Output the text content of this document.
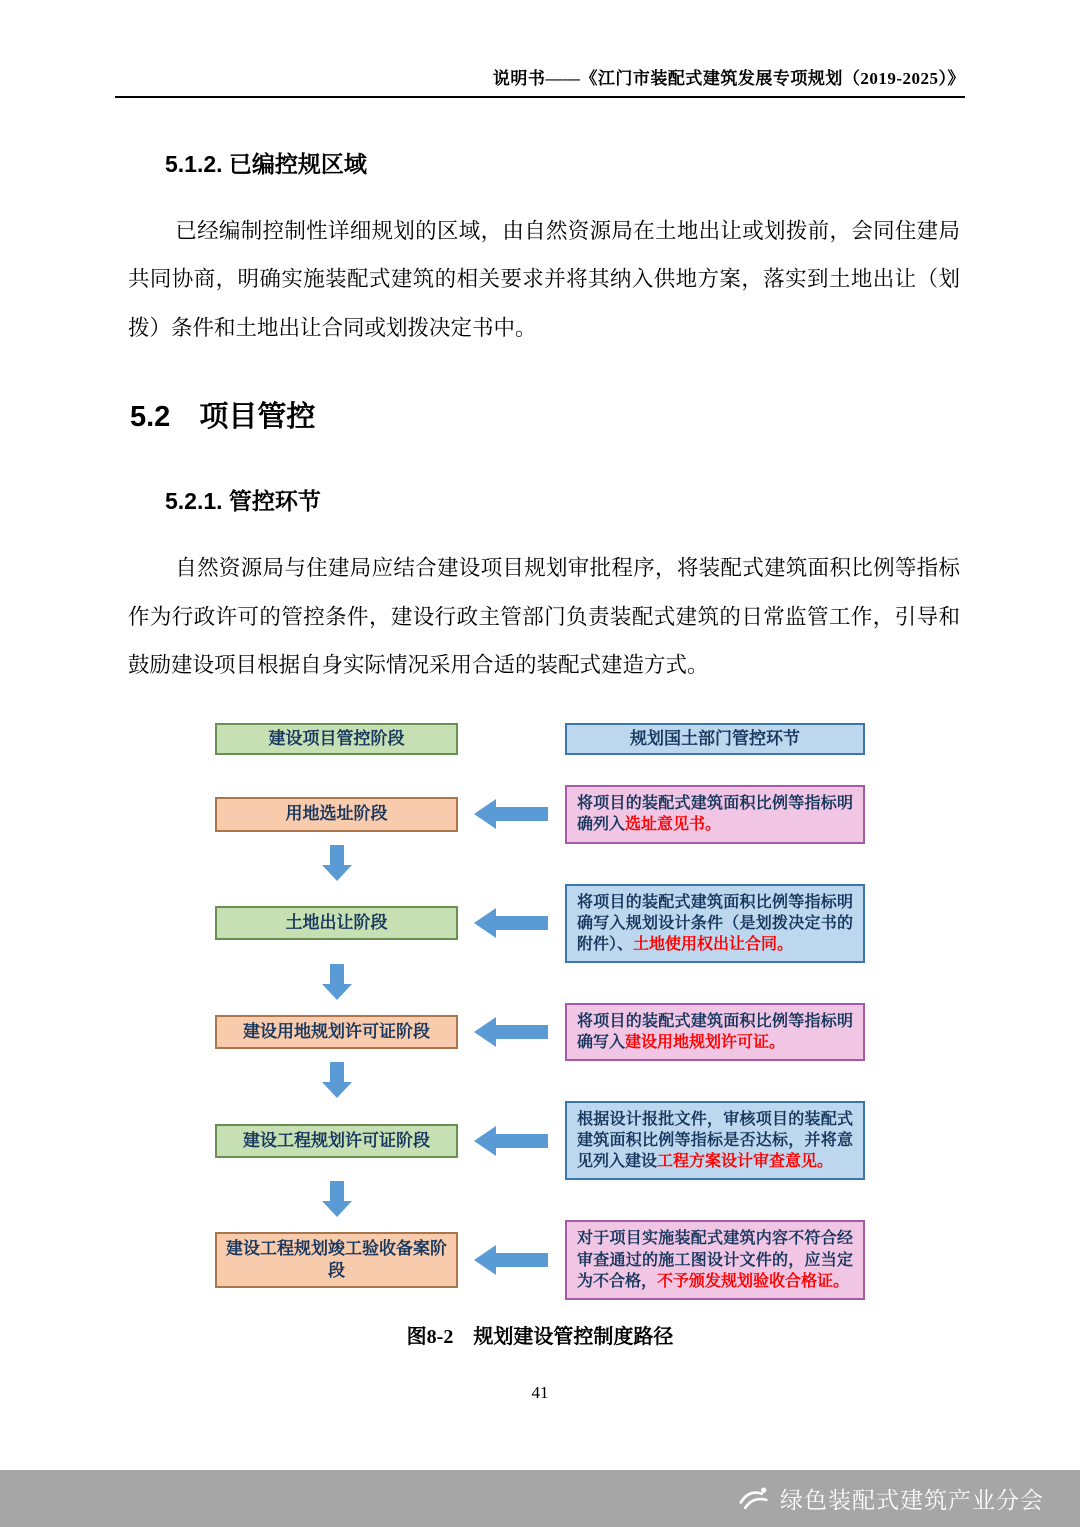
说明书——《江门市装配式建筑发展专项规划（2019-2025）》
5.1.2. 已编控规区域

已经编制控制性详细规划的区域，由自然资源局在土地出让或划拨前，会同住建局共同协商，明确实施装配式建筑的相关要求并将其纳入供地方案，落实到土地出让（划拨）条件和土地出让合同或划拨决定书中。

5.2　项目管控
5.2.1. 管控环节

自然资源局与住建局应结合建设项目规划审批程序，将装配式建筑面积比例等指标作为行政许可的管控条件，建设行政主管部门负责装配式建筑的日常监管工作，引导和鼓励建设项目根据自身实际情况采用合适的装配式建造方式。

建设项目管控阶段	规划国土部门管控环节
用地选址阶段
将项目的装配式建筑面积比例等指标明确列入选址意见书。
土地出让阶段
将项目的装配式建筑面积比例等指标明确写入规划设计条件（是划拨决定书的附件）、土地使用权出让合同。
建设用地规划许可证阶段
将项目的装配式建筑面积比例等指标明确写入建设用地规划许可证。
建设工程规划许可证阶段
根据设计报批文件，审核项目的装配式建筑面积比例等指标是否达标，并将意见列入建设工程方案设计审查意见。
建设工程规划竣工验收备案阶段
对于项目实施装配式建筑内容不符合经审查通过的施工图设计文件的，应当定为不合格，不予颁发规划验收合格证。
图8-2　规划建设管控制度路径
41
绿色装配式建筑产业分会
